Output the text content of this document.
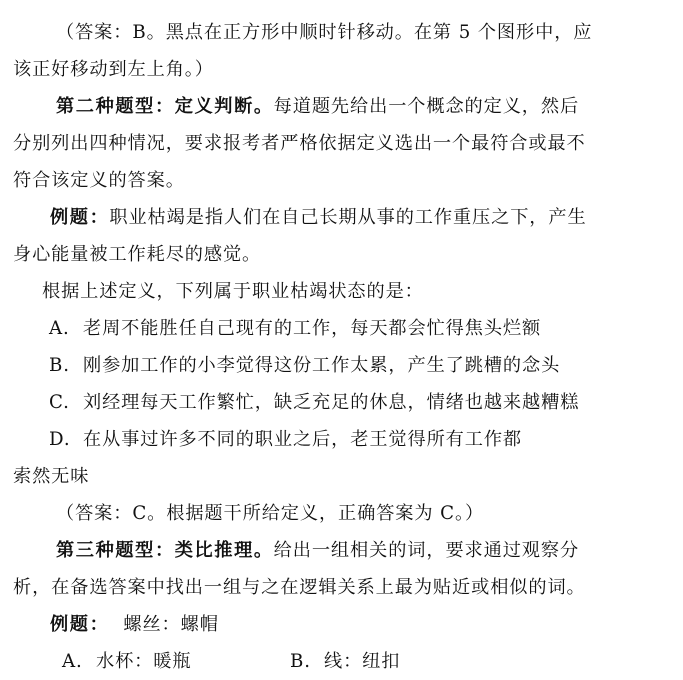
（答案：B。黑点在正方形中顺时针移动。在第 5 个图形中，应
该正好移动到左上角。）
第二种题型：定义判断。每道题先给出一个概念的定义，然后
分别列出四种情况，要求报考者严格依据定义选出一个最符合或最不
符合该定义的答案。
例题：职业枯竭是指人们在自己长期从事的工作重压之下，产生
身心能量被工作耗尽的感觉。
根据上述定义，下列属于职业枯竭状态的是：
A. 老周不能胜任自己现有的工作，每天都会忙得焦头烂额
B. 刚参加工作的小李觉得这份工作太累，产生了跳槽的念头
C. 刘经理每天工作繁忙，缺乏充足的休息，情绪也越来越糟糕
D. 在从事过许多不同的职业之后，老王觉得所有工作都
索然无味
（答案：C。根据题干所给定义，正确答案为 C。）
第三种题型：类比推理。给出一组相关的词，要求通过观察分
析，在备选答案中找出一组与之在逻辑关系上最为贴近或相似的词。
例题： 螺丝：螺帽
A. 水杯：暖瓶	B. 线：纽扣
